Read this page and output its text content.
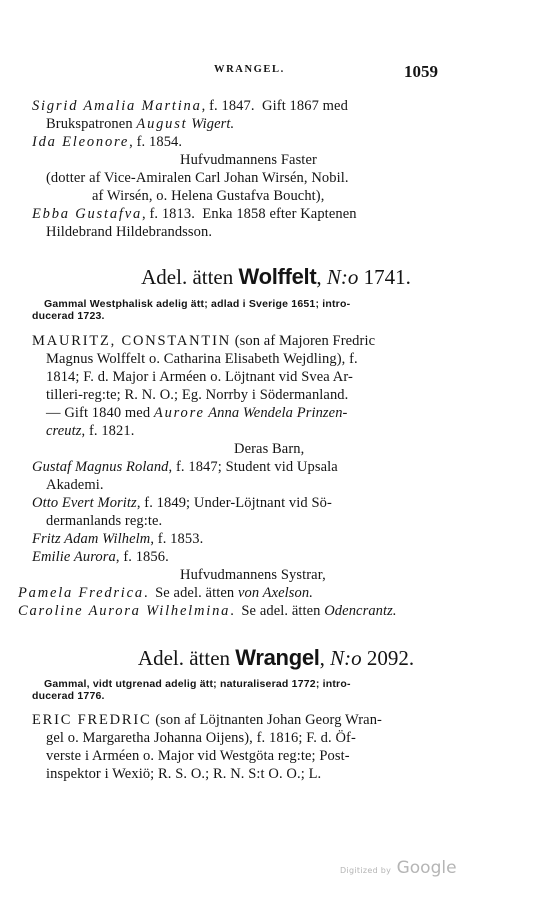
WRANGEL.	1059
Sigrid Amalia Martina, f. 1847.  Gift 1867 med
Brukspatronen August Wigert.
Ida Eleonore, f. 1854.
Hufvudmannens Faster
(dotter af Vice-Amiralen Carl Johan Wirsén, Nobil.
af Wirsén, o. Helena Gustafva Boucht),
Ebba Gustafva, f. 1813.  Enka 1858 efter Kaptenen
Hildebrand Hildebrandsson.
Adel. ätten Wolffelt, N:o 1741.
Gammal Westphalisk adelig ätt; adlad i Sverige 1651; intro-
ducerad 1723.
MAURITZ, CONSTANTIN (son af Majoren Fredric
Magnus Wolffelt o. Catharina Elisabeth Wejdling), f.
1814; F. d. Major i Arméen o. Löjtnant vid Svea Ar-
tilleri-reg:te; R. N. O.; Eg. Norrby i Södermanland.
— Gift 1840 med Aurore Anna Wendela Prinzen-
creutz, f. 1821.
Deras Barn,
Gustaf Magnus Roland, f. 1847; Student vid Upsala
Akademi.
Otto Evert Moritz, f. 1849; Under-Löjtnant vid Sö-
dermanlands reg:te.
Fritz Adam Wilhelm, f. 1853.
Emilie Aurora, f. 1856.
Hufvudmannens Systrar,
Pamela Fredrica.  Se adel. ätten von Axelson.
Caroline Aurora Wilhelmina.  Se adel. ätten Odencrantz.
Adel. ätten Wrangel, N:o 2092.
Gammal, vidt utgrenad adelig ätt; naturaliserad 1772; intro-
ducerad 1776.
ERIC FREDRIC (son af Löjtnanten Johan Georg Wran-
gel o. Margaretha Johanna Oijens), f. 1816; F. d. Öf-
verste i Arméen o. Major vid Westgöta reg:te; Post-
inspektor i Wexiö; R. S. O.; R. N. S:t O. O.; L.
Digitized by Google
